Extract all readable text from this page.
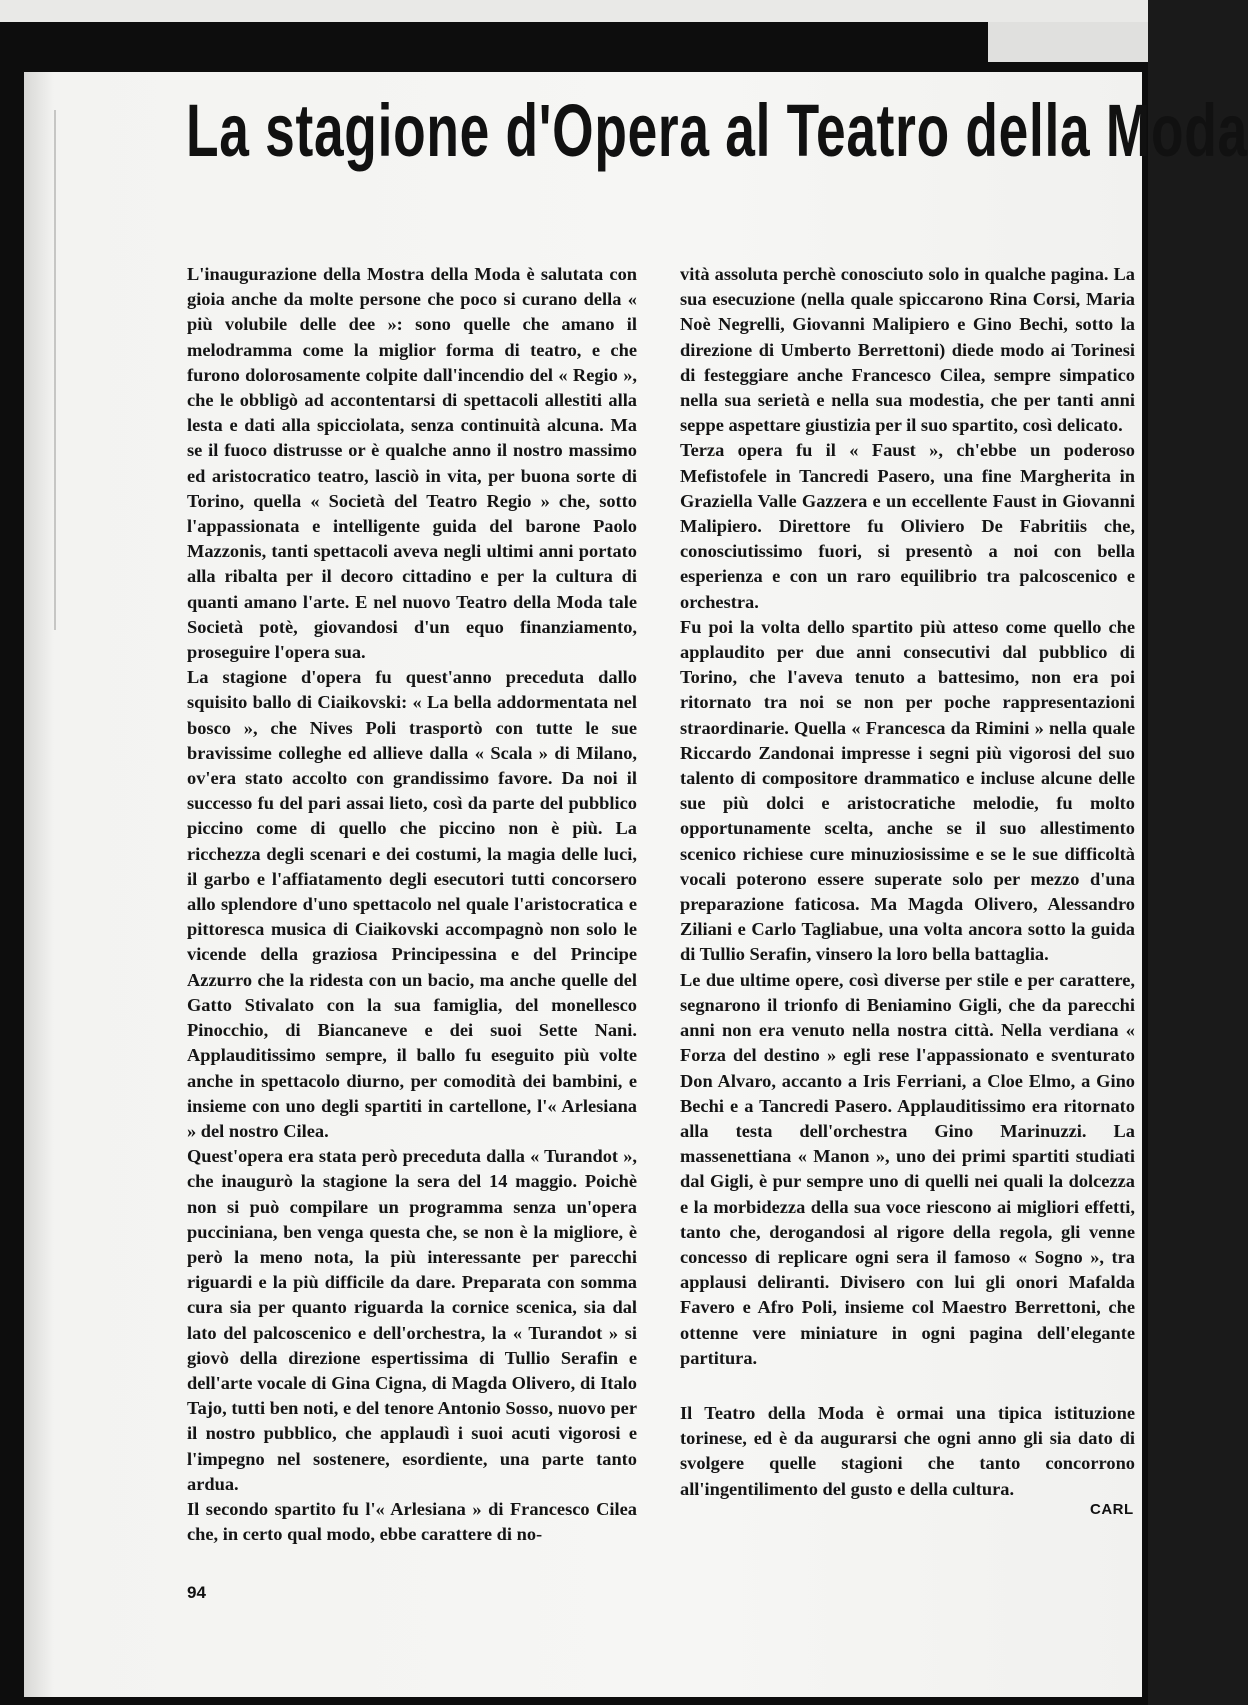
La stagione d'Opera al Teatro della Moda

L'inaugurazione della Mostra della Moda è salutata con gioia anche da molte persone che poco si curano della « più volubile delle dee »: sono quelle che amano il melodramma come la miglior forma di teatro, e che furono dolorosamente colpite dall'incendio del « Regio », che le obbligò ad accontentarsi di spettacoli allestiti alla lesta e dati alla spicciolata, senza continuità alcuna. Ma se il fuoco distrusse or è qualche anno il nostro massimo ed aristocratico teatro, lasciò in vita, per buona sorte di Torino, quella « Società del Teatro Regio » che, sotto l'appassionata e intelligente guida del barone Paolo Mazzonis, tanti spettacoli aveva negli ultimi anni portato alla ribalta per il decoro cittadino e per la cultura di quanti amano l'arte. E nel nuovo Teatro della Moda tale Società potè, giovandosi d'un equo finanziamento, proseguire l'opera sua.

La stagione d'opera fu quest'anno preceduta dallo squisito ballo di Ciaikovski: « La bella addormentata nel bosco », che Nives Poli trasportò con tutte le sue bravissime colleghe ed allieve dalla « Scala » di Milano, ov'era stato accolto con grandissimo favore. Da noi il successo fu del pari assai lieto, così da parte del pubblico piccino come di quello che piccino non è più. La ricchezza degli scenari e dei costumi, la magia delle luci, il garbo e l'affiatamento degli esecutori tutti concorsero allo splendore d'uno spettacolo nel quale l'aristocratica e pittoresca musica di Ciaikovski accompagnò non solo le vicende della graziosa Principessina e del Principe Azzurro che la ridesta con un bacio, ma anche quelle del Gatto Stivalato con la sua famiglia, del monellesco Pinocchio, di Biancaneve e dei suoi Sette Nani. Applauditissimo sempre, il ballo fu eseguito più volte anche in spettacolo diurno, per comodità dei bambini, e insieme con uno degli spartiti in cartellone, l'« Arlesiana » del nostro Cilea.

Quest'opera era stata però preceduta dalla « Turandot », che inaugurò la stagione la sera del 14 maggio. Poichè non si può compilare un programma senza un'opera pucciniana, ben venga questa che, se non è la migliore, è però la meno nota, la più interessante per parecchi riguardi e la più difficile da dare. Preparata con somma cura sia per quanto riguarda la cornice scenica, sia dal lato del palcoscenico e dell'orchestra, la « Turandot » si giovò della direzione espertissima di Tullio Serafin e dell'arte vocale di Gina Cigna, di Magda Olivero, di Italo Tajo, tutti ben noti, e del tenore Antonio Sosso, nuovo per il nostro pubblico, che applaudì i suoi acuti vigorosi e l'impegno nel sostenere, esordiente, una parte tanto ardua.

Il secondo spartito fu l'« Arlesiana » di Francesco Cilea che, in certo qual modo, ebbe carattere di no-

vità assoluta perchè conosciuto solo in qualche pagina. La sua esecuzione (nella quale spiccarono Rina Corsi, Maria Noè Negrelli, Giovanni Malipiero e Gino Bechi, sotto la direzione di Umberto Berrettoni) diede modo ai Torinesi di festeggiare anche Francesco Cilea, sempre simpatico nella sua serietà e nella sua modestia, che per tanti anni seppe aspettare giustizia per il suo spartito, così delicato.

Terza opera fu il « Faust », ch'ebbe un poderoso Mefistofele in Tancredi Pasero, una fine Margherita in Graziella Valle Gazzera e un eccellente Faust in Giovanni Malipiero. Direttore fu Oliviero De Fabritiis che, conosciutissimo fuori, si presentò a noi con bella esperienza e con un raro equilibrio tra palcoscenico e orchestra.

Fu poi la volta dello spartito più atteso come quello che applaudito per due anni consecutivi dal pubblico di Torino, che l'aveva tenuto a battesimo, non era poi ritornato tra noi se non per poche rappresentazioni straordinarie. Quella « Francesca da Rimini » nella quale Riccardo Zandonai impresse i segni più vigorosi del suo talento di compositore drammatico e incluse alcune delle sue più dolci e aristocratiche melodie, fu molto opportunamente scelta, anche se il suo allestimento scenico richiese cure minuziosissime e se le sue difficoltà vocali poterono essere superate solo per mezzo d'una preparazione faticosa. Ma Magda Olivero, Alessandro Ziliani e Carlo Tagliabue, una volta ancora sotto la guida di Tullio Serafin, vinsero la loro bella battaglia.

Le due ultime opere, così diverse per stile e per carattere, segnarono il trionfo di Beniamino Gigli, che da parecchi anni non era venuto nella nostra città. Nella verdiana « Forza del destino » egli rese l'appassionato e sventurato Don Alvaro, accanto a Iris Ferriani, a Cloe Elmo, a Gino Bechi e a Tancredi Pasero. Applauditissimo era ritornato alla testa dell'orchestra Gino Marinuzzi. La massenettiana « Manon », uno dei primi spartiti studiati dal Gigli, è pur sempre uno di quelli nei quali la dolcezza e la morbidezza della sua voce riescono ai migliori effetti, tanto che, derogandosi al rigore della regola, gli venne concesso di replicare ogni sera il famoso « Sogno », tra applausi deliranti. Divisero con lui gli onori Mafalda Favero e Afro Poli, insieme col Maestro Berrettoni, che ottenne vere miniature in ogni pagina dell'elegante partitura.

Il Teatro della Moda è ormai una tipica istituzione torinese, ed è da augurarsi che ogni anno gli sia dato di svolgere quelle stagioni che tanto concorrono all'ingentilimento del gusto e della cultura.

CARL
94
